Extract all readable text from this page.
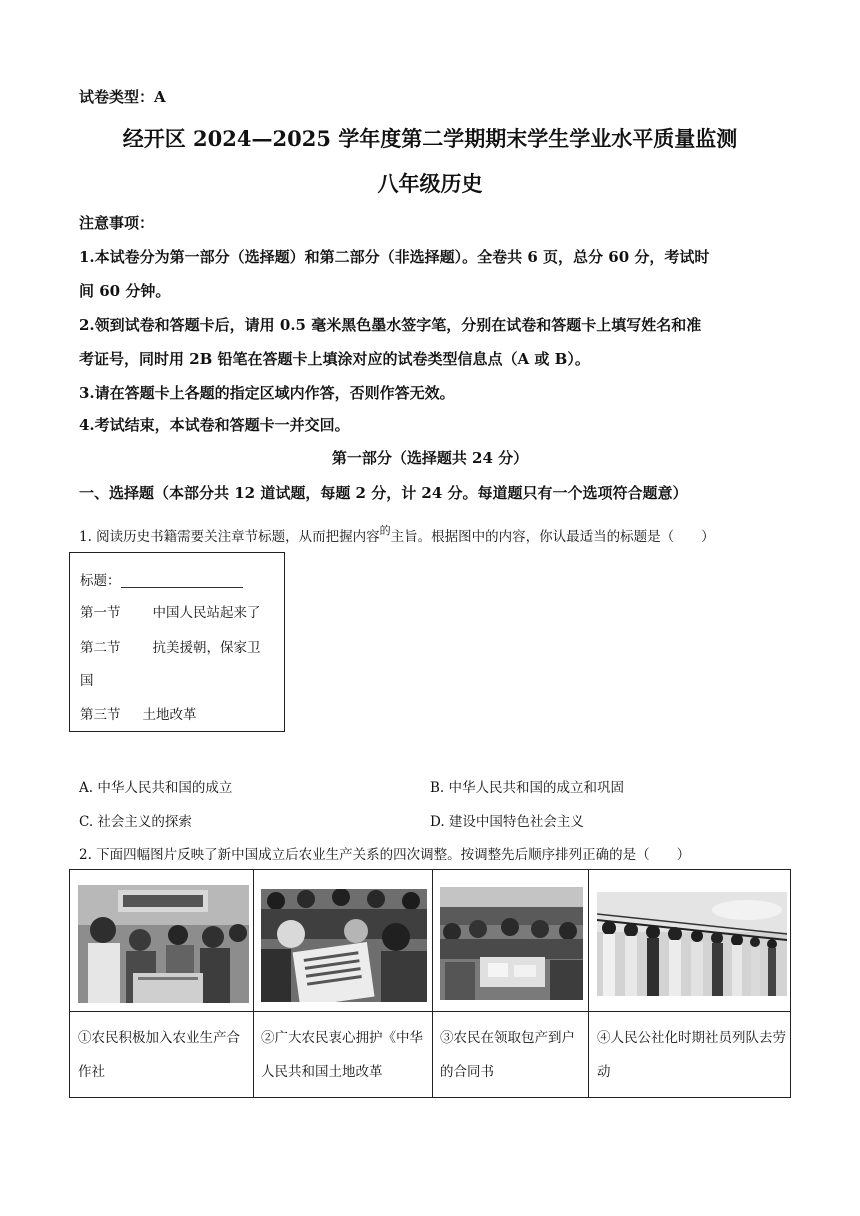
试卷类型：A
经开区 2024—2025 学年度第二学期期末学生学业水平质量监测
八年级历史
注意事项：
1.本试卷分为第一部分（选择题）和第二部分（非选择题）。全卷共 6 页，总分 60 分，考试时
间 60 分钟。
2.领到试卷和答题卡后，请用 0.5 毫米黑色墨水签字笔，分别在试卷和答题卡上填写姓名和准
考证号，同时用 2B 铅笔在答题卡上填涂对应的试卷类型信息点（A 或 B）。
3.请在答题卡上各题的指定区域内作答，否则作答无效。
4.考试结束，本试卷和答题卡一并交回。
第一部分（选择题共 24 分）
一、选择题（本部分共 12 道试题，每题 2 分，计 24 分。每道题只有一个选项符合题意）
1. 阅读历史书籍需要关注章节标题，从而把握内容$^的$主旨。根据图中的内容，你认最适当的标题是（　　）
标题：
第一节 中国人民站起来了
第二节 抗美援朝，保家卫
国
第三节 土地改革
A. 中华人民共和国的成立	B. 中华人民共和国的成立和巩固
C. 社会主义的探索	D. 建设中国特色社会主义
2. 下面四幅图片反映了新中国成立后农业生产关系的四次调整。按调整先后顺序排列正确的是（　　）
①农民积极加入农业生产合作社
②广大农民衷心拥护《中华人民共和国土地改革
③农民在领取包产到户的合同书
④人民公社化时期社员列队去劳动
